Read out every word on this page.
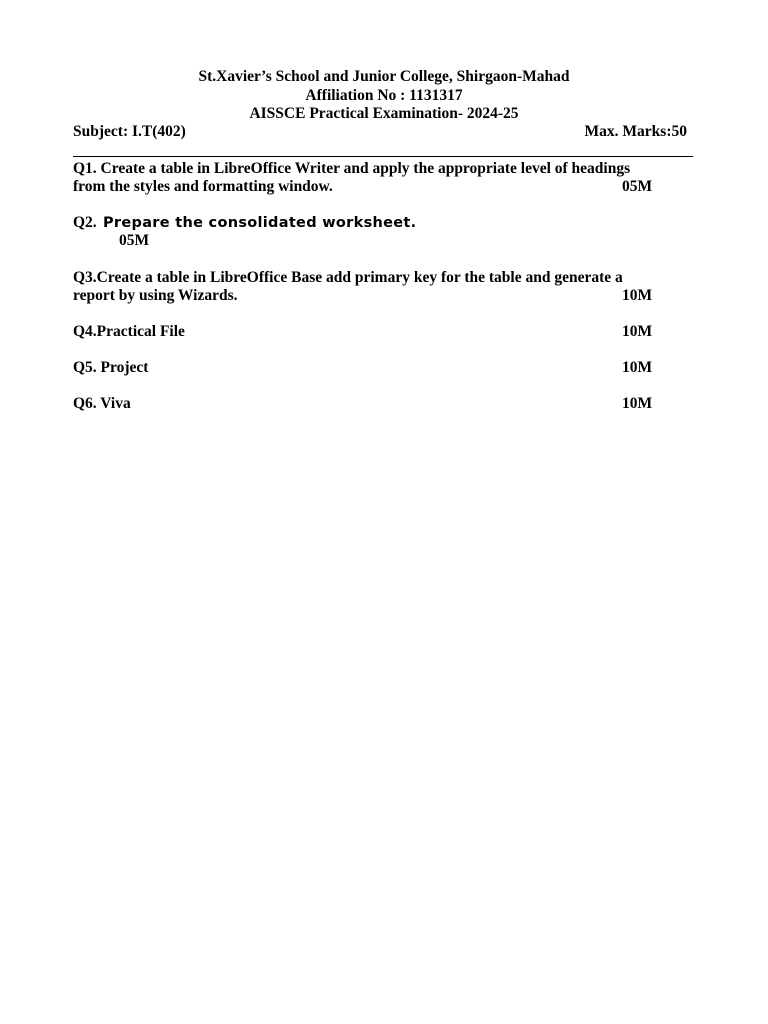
St.Xavier’s School and Junior College, Shirgaon-Mahad
Affiliation No : 1131317
AISSCE Practical Examination- 2024-25
Subject: I.T(402)	Max. Marks:50
Q1. Create a table in LibreOffice Writer and apply the appropriate level of headings
from the styles and formatting window.	05M
Q2. Prepare the consolidated worksheet.
05M
Q3.Create a table in LibreOffice Base add primary key for the table and generate a
report by using Wizards.	10M
Q4.Practical File	10M
Q5. Project	10M
Q6. Viva	10M
